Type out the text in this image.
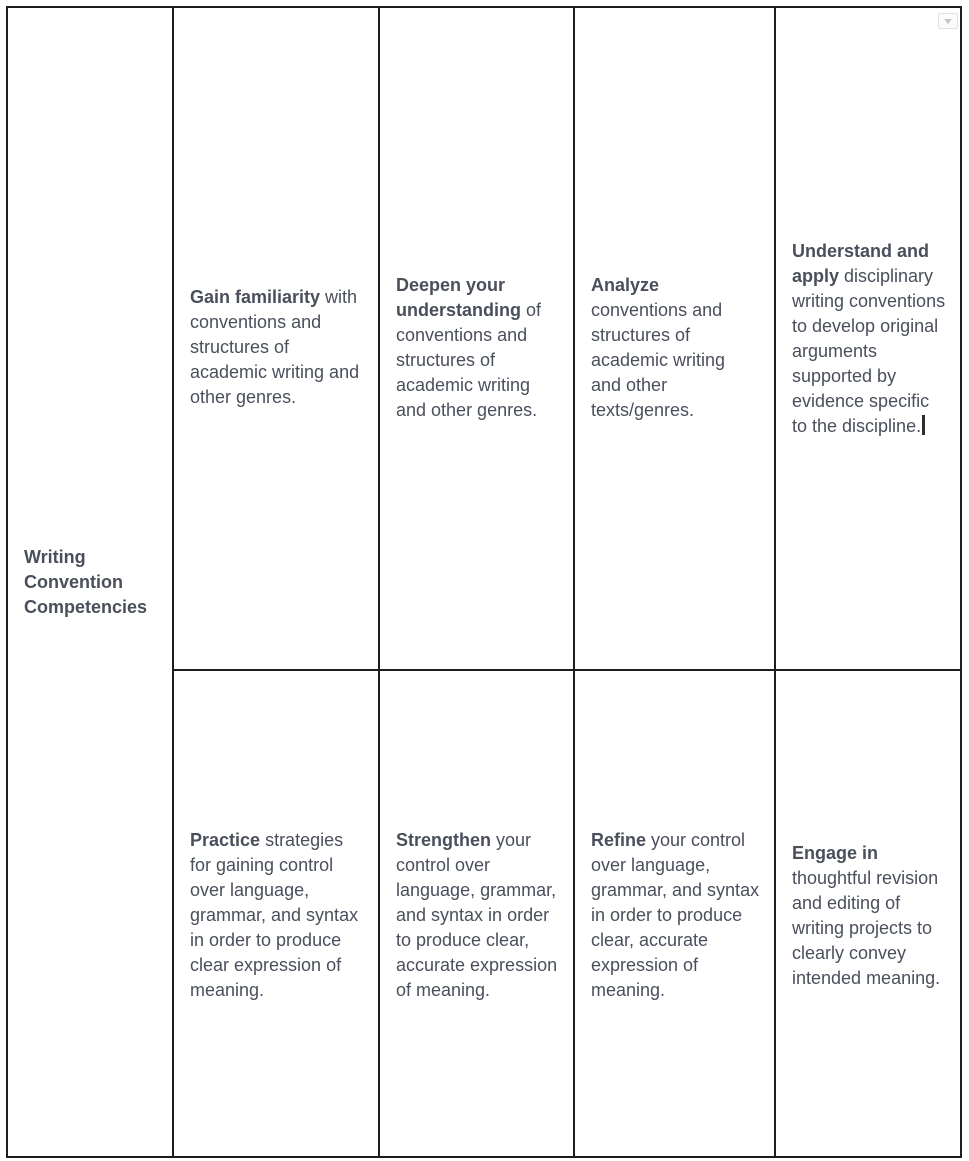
Writing
Convention
Competencies	Gain familiarity with conventions and structures of academic writing and other genres.	Deepen your understanding of conventions and structures of academic writing and other genres.	Analyze conventions and structures of academic writing and other texts/genres.	Understand and apply disciplinary writing conventions to develop original arguments supported by evidence specific to the discipline.
	Practice strategies for gaining control over language, grammar, and syntax in order to produce clear expression of meaning.	Strengthen your control over language, grammar, and syntax in order to produce clear, accurate expression of meaning.	Refine your control over language, grammar, and syntax in order to produce clear, accurate expression of meaning.	Engage in thoughtful revision and editing of writing projects to clearly convey intended meaning.
